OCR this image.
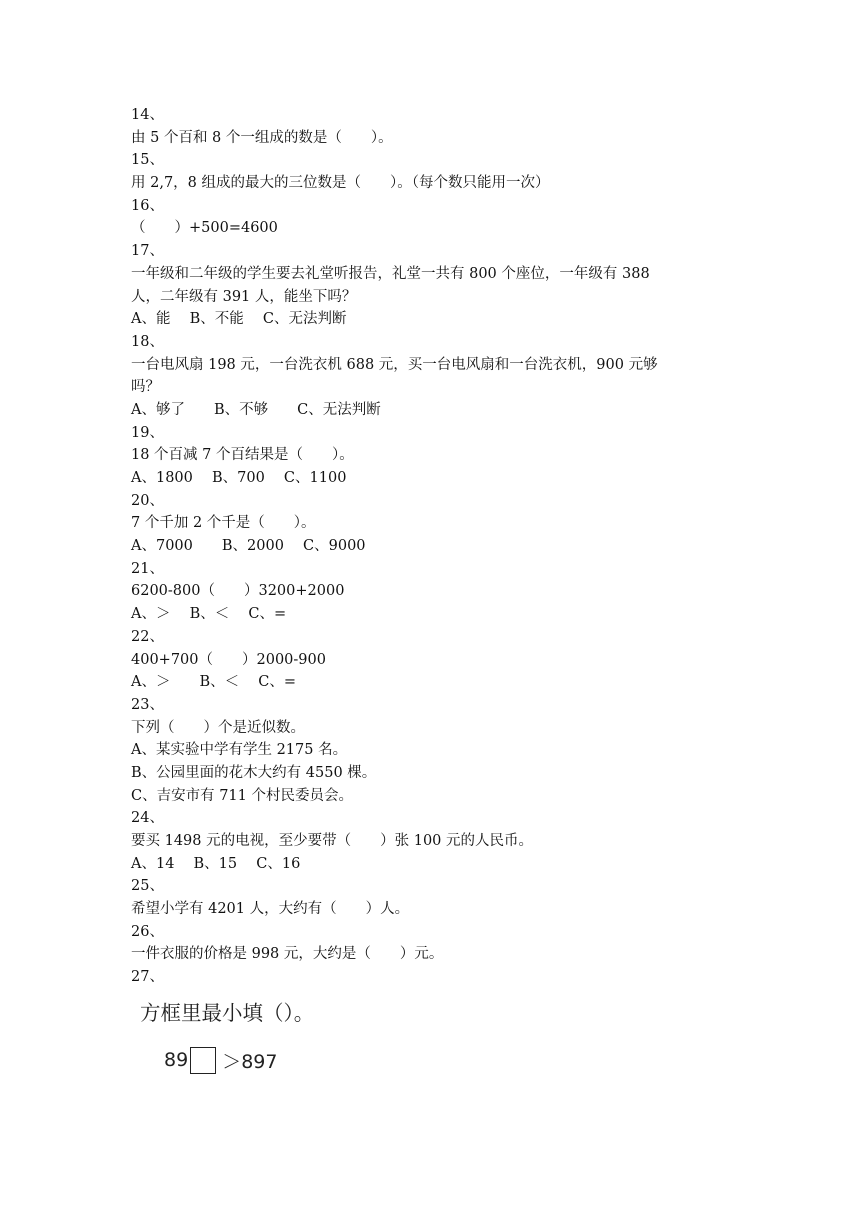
14、
由 5 个百和 8 个一组成的数是（　　）。
15、
用 2,7，8 组成的最大的三位数是（　　）。（每个数只能用一次）
16、
（　　）+500=4600
17、
一年级和二年级的学生要去礼堂听报告，礼堂一共有 800 个座位，一年级有 388
人，二年级有 391 人，能坐下吗？
A、能　 B、不能　 C、无法判断
18、
一台电风扇 198 元，一台洗衣机 688 元，买一台电风扇和一台洗衣机，900 元够
吗？
A、够了　　B、不够　　C、无法判断
19、
18 个百减 7 个百结果是（　　）。
A、1800　 B、700　 C、1100
20、
7 个千加 2 个千是（　　）。
A、7000　　B、2000　 C、9000
21、
6200-800（　　）3200+2000
A、＞　 B、＜　 C、=
22、
400+700（　　）2000-900
A、＞　　B、＜　 C、=
23、
下列（　　）个是近似数。
A、某实验中学有学生 2175 名。
B、公园里面的花木大约有 4550 棵。
C、吉安市有 711 个村民委员会。
24、
要买 1498 元的电视，至少要带（　　）张 100 元的人民币。
A、14　 B、15　 C、16
25、
希望小学有 4201 人，大约有（　　）人。
26、
一件衣服的价格是 998 元，大约是（　　）元。
27、
方框里最小填（）。
89 ＞897
